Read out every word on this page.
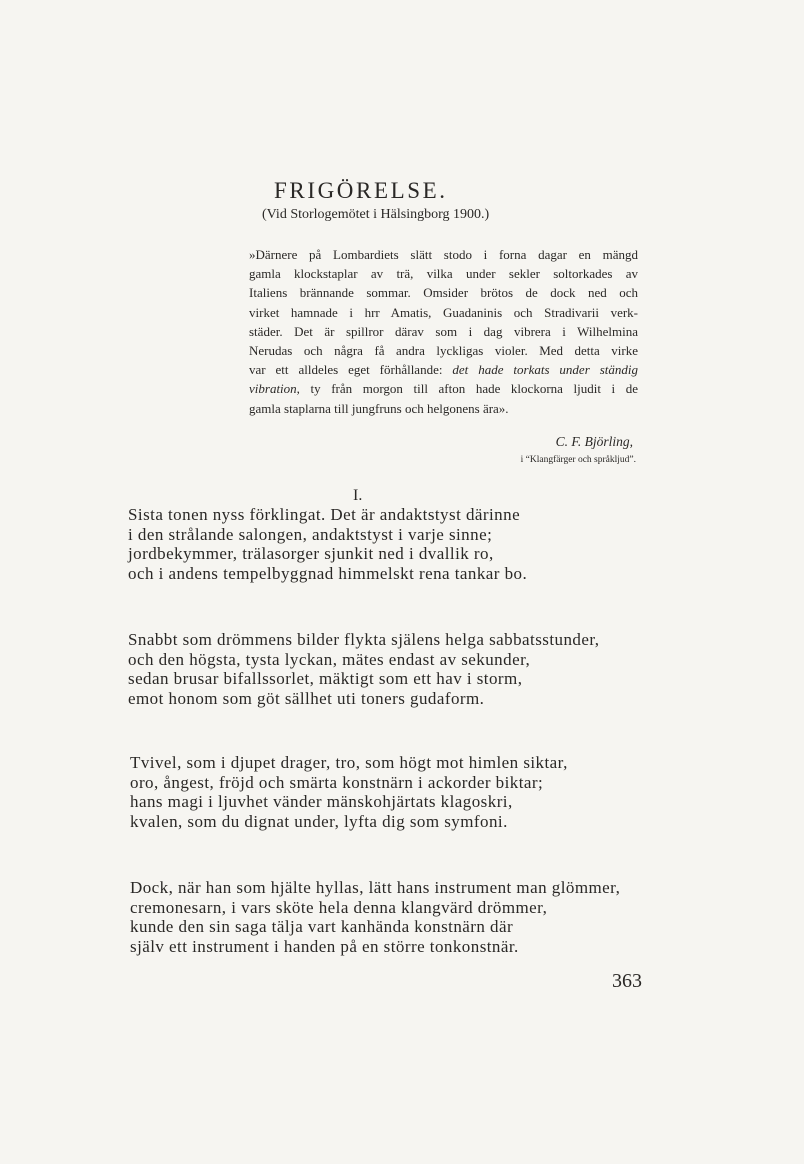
FRIGÖRELSE.
(Vid Storlogemötet i Hälsingborg 1900.)
»Därnere på Lombardiets slätt stodo i forna dagar en mängd
gamla klockstaplar av trä, vilka under sekler soltorkades av
Italiens brännande sommar. Omsider brötos de dock ned och
virket hamnade i hrr Amatis, Guadaninis och Stradivarii verk-
städer. Det är spillror därav som i dag vibrera i Wilhelmina
Nerudas och några få andra lyckligas violer. Med detta virke
var ett alldeles eget förhållande: det hade torkats under ständig
vibration, ty från morgon till afton hade klockorna ljudit i de
gamla staplarna till jungfruns och helgonens ära».
C. F. Björling,
i “Klangfärger och språkljud”.
I.
Sista tonen nyss förklingat. Det är andaktstyst därinne
i den strålande salongen, andaktstyst i varje sinne;
jordbekymmer, trälasorger sjunkit ned i dvallik ro,
och i andens tempelbyggnad himmelskt rena tankar bo.
Snabbt som drömmens bilder flykta själens helga sabbatsstunder,
och den högsta, tysta lyckan, mätes endast av sekunder,
sedan brusar bifallssorlet, mäktigt som ett hav i storm,
emot honom som göt sällhet uti toners gudaform.
Tvivel, som i djupet drager, tro, som högt mot himlen siktar,
oro, ångest, fröjd och smärta konstnärn i ackorder biktar;
hans magi i ljuvhet vänder mänskohjärtats klagoskri,
kvalen, som du dignat under, lyfta dig som symfoni.
Dock, när han som hjälte hyllas, lätt hans instrument man glömmer,
cremonesarn, i vars sköte hela denna klangvärd drömmer,
kunde den sin saga tälja vart kanhända konstnärn där
själv ett instrument i handen på en större tonkonstnär.
363
